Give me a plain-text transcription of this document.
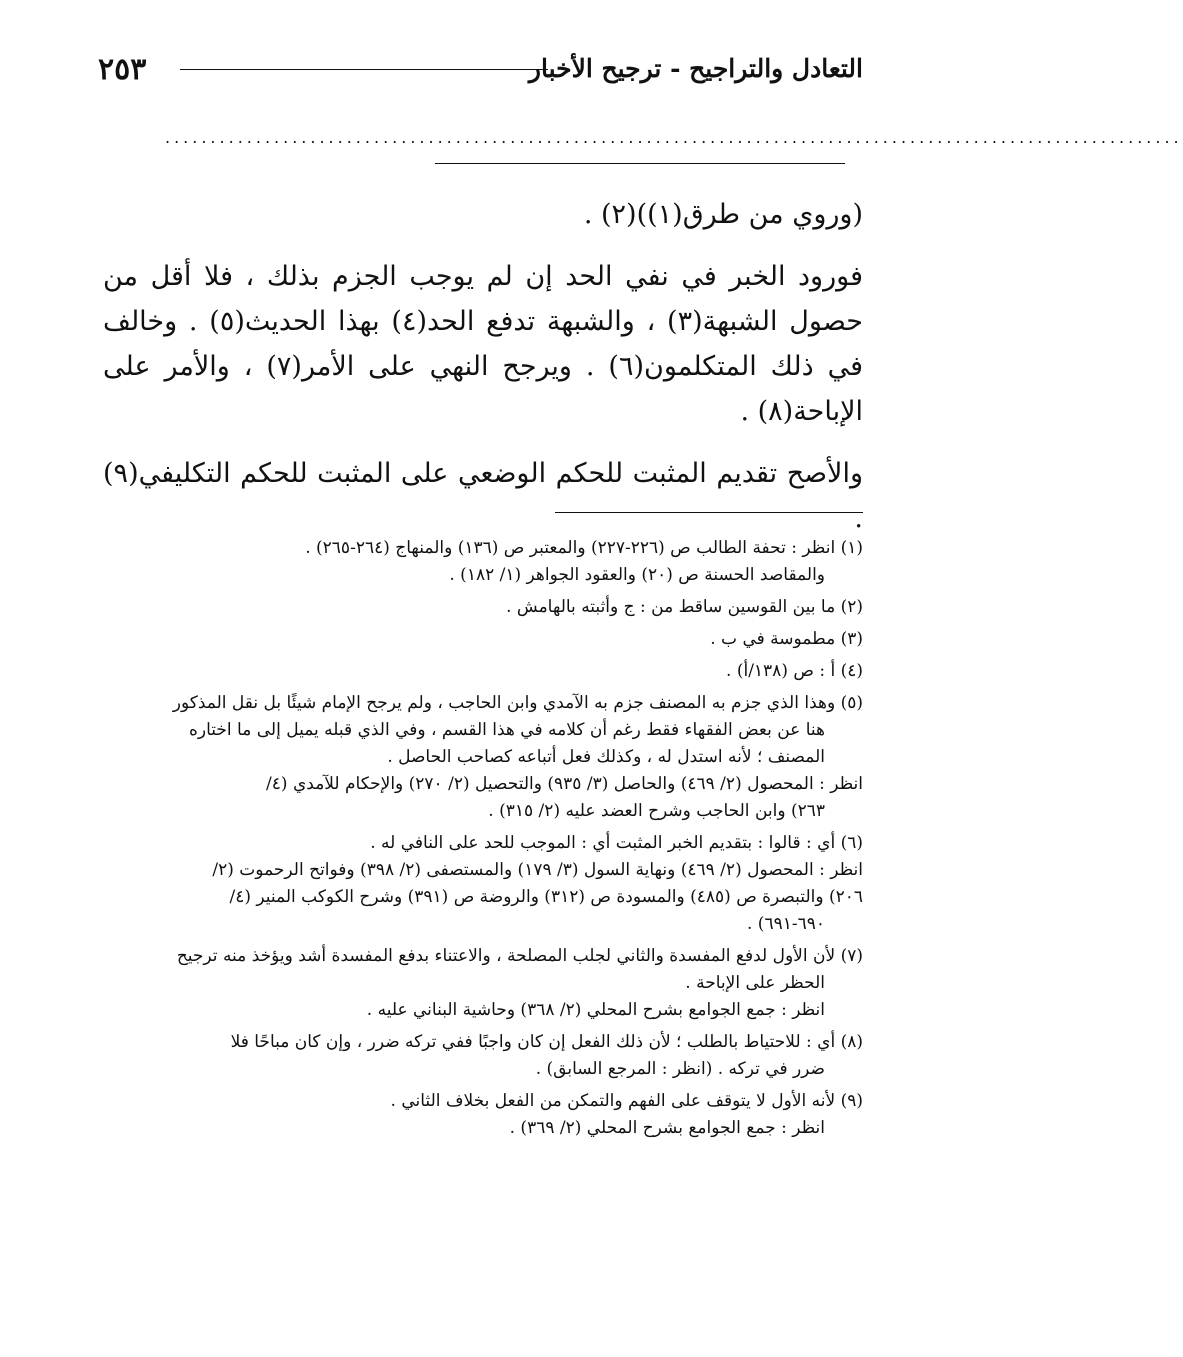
٢٥٣	التعادل والتراجيح - ترجيح الأخبار
................................................................................................................

(وروي من طرق(١))(٢) .

فورود الخبر في نفي الحد إن لم يوجب الجزم بذلك ، فلا أقل من حصول الشبهة(٣) ، والشبهة تدفع الحد(٤) بهذا الحديث(٥) . وخالف في ذلك المتكلمون(٦) . ويرجح النهي على الأمر(٧) ، والأمر على الإباحة(٨) .

والأصح تقديم المثبت للحكم الوضعي على المثبت للحكم التكليفي(٩) .

(١) انظر : تحفة الطالب ص (٢٢٦-٢٢٧) والمعتبر ص (١٣٦) والمنهاج (٢٦٤-٢٦٥) .

والمقاصد الحسنة ص (٢٠) والعقود الجواهر (١/ ١٨٢) .

(٢) ما بين القوسين ساقط من : ج وأثبته بالهامش .

(٣) مطموسة في ب .

(٤) أ : ص (١٣٨/أ) .

(٥) وهذا الذي جزم به المصنف جزم به الآمدي وابن الحاجب ، ولم يرجح الإمام شيئًا بل نقل المذكور

هنا عن بعض الفقهاء فقط رغم أن كلامه في هذا القسم ، وفي الذي قبله يميل إلى ما اختاره

المصنف ؛ لأنه استدل له ، وكذلك فعل أتباعه كصاحب الحاصل .

انظر : المحصول (٢/ ٤٦٩) والحاصل (٣/ ٩٣٥) والتحصيل (٢/ ٢٧٠) والإحكام للآمدي (٤/

٢٦٣) وابن الحاجب وشرح العضد عليه (٢/ ٣١٥) .

(٦) أي : قالوا : بتقديم الخبر المثبت أي : الموجب للحد على النافي له .

انظر : المحصول (٢/ ٤٦٩) ونهاية السول (٣/ ١٧٩) والمستصفى (٢/ ٣٩٨) وفواتح الرحموت (٢/

٢٠٦) والتبصرة ص (٤٨٥) والمسودة ص (٣١٢) والروضة ص (٣٩١) وشرح الكوكب المنير (٤/

٦٩٠-٦٩١) .

(٧) لأن الأول لدفع المفسدة والثاني لجلب المصلحة ، والاعتناء بدفع المفسدة أشد ويؤخذ منه ترجيح

الحظر على الإباحة .

انظر : جمع الجوامع بشرح المحلي (٢/ ٣٦٨) وحاشية البناني عليه .

(٨) أي : للاحتياط بالطلب ؛ لأن ذلك الفعل إن كان واجبًا ففي تركه ضرر ، وإن كان مباحًا فلا

ضرر في تركه . (انظر : المرجع السابق) .

(٩) لأنه الأول لا يتوقف على الفهم والتمكن من الفعل بخلاف الثاني .

انظر : جمع الجوامع بشرح المحلي (٢/ ٣٦٩) .
